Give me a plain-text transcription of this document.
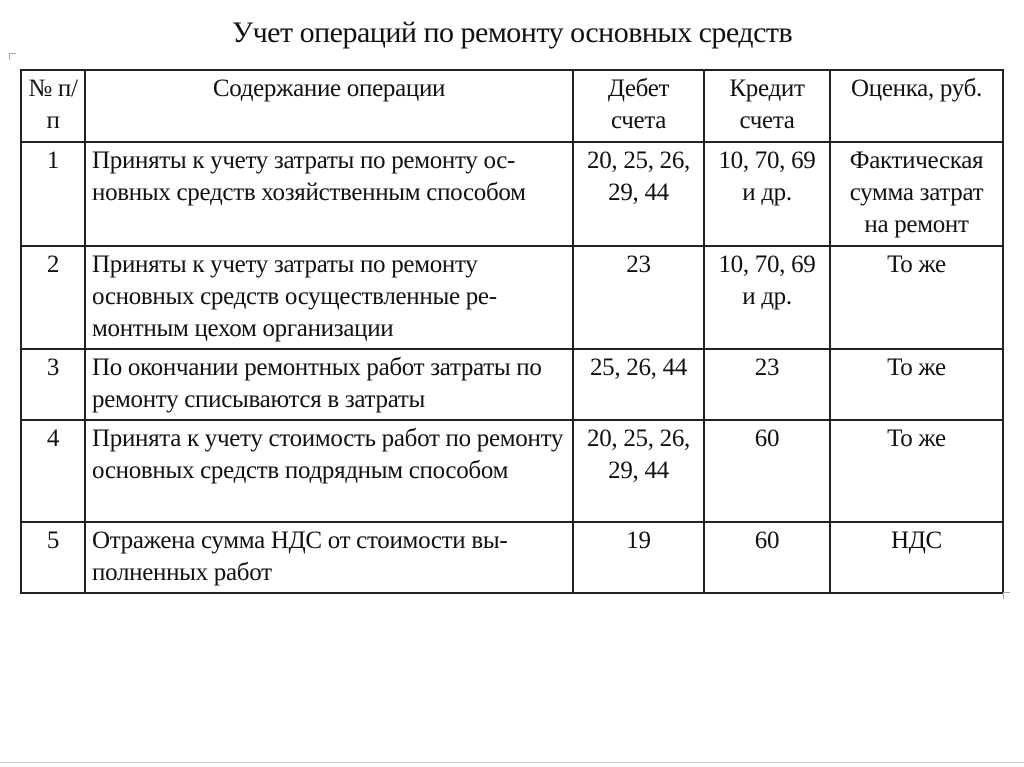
Учет операций по ремонту основных средств
№ п/п	Содержание операции	Дебет счета	Кредит счета	Оценка, руб.
1	Приняты к учету затраты по ремонту ос-новных средств хозяйственным способом	20, 25, 26, 29, 44	10, 70, 69 и др.	Фактическая сумма затрат на ремонт
2	Приняты к учету затраты по ремонту основных средств осуществленные ре-монтным цехом организации	23	10, 70, 69 и др.	То же
3	По окончании ремонтных работ затраты по ремонту списываются в затраты	25, 26, 44	23	То же
4	Принята к учету стоимость работ по ремонту основных средств подрядным способом	20, 25, 26, 29, 44	60	То же
5	Отражена сумма НДС от стоимости вы-полненных работ	19	60	НДС
